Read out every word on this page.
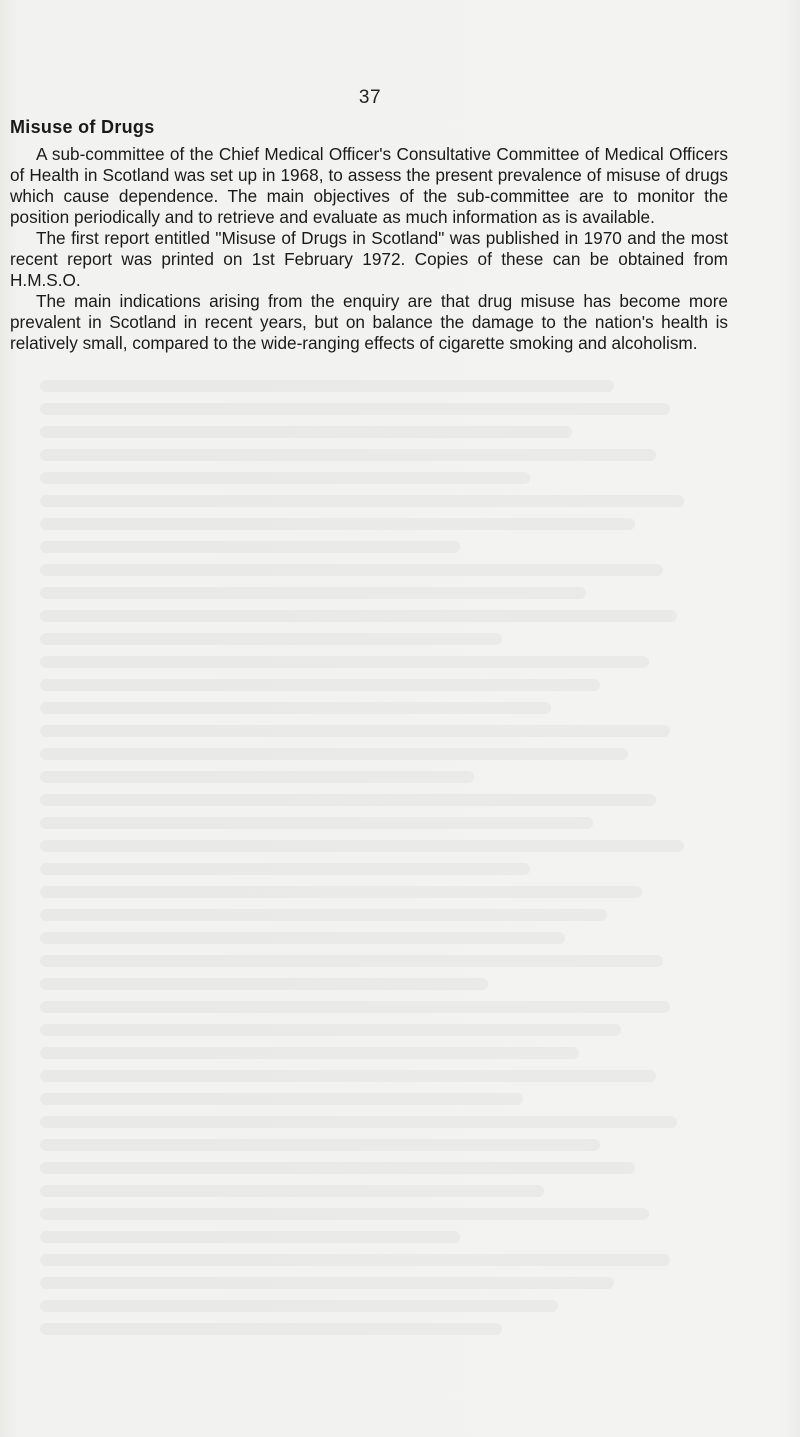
37
Misuse of Drugs

A sub-committee of the Chief Medical Officer's Consultative Committee of Medical Officers of Health in Scotland was set up in 1968, to assess the present prevalence of misuse of drugs which cause dependence. The main objectives of the sub-committee are to monitor the position periodically and to retrieve and evaluate as much information as is available.

The first report entitled "Misuse of Drugs in Scotland" was published in 1970 and the most recent report was printed on 1st February 1972. Copies of these can be obtained from H.M.S.O.

The main indications arising from the enquiry are that drug misuse has become more prevalent in Scotland in recent years, but on balance the damage to the nation's health is relatively small, compared to the wide-ranging effects of cigarette smoking and alcoholism.
